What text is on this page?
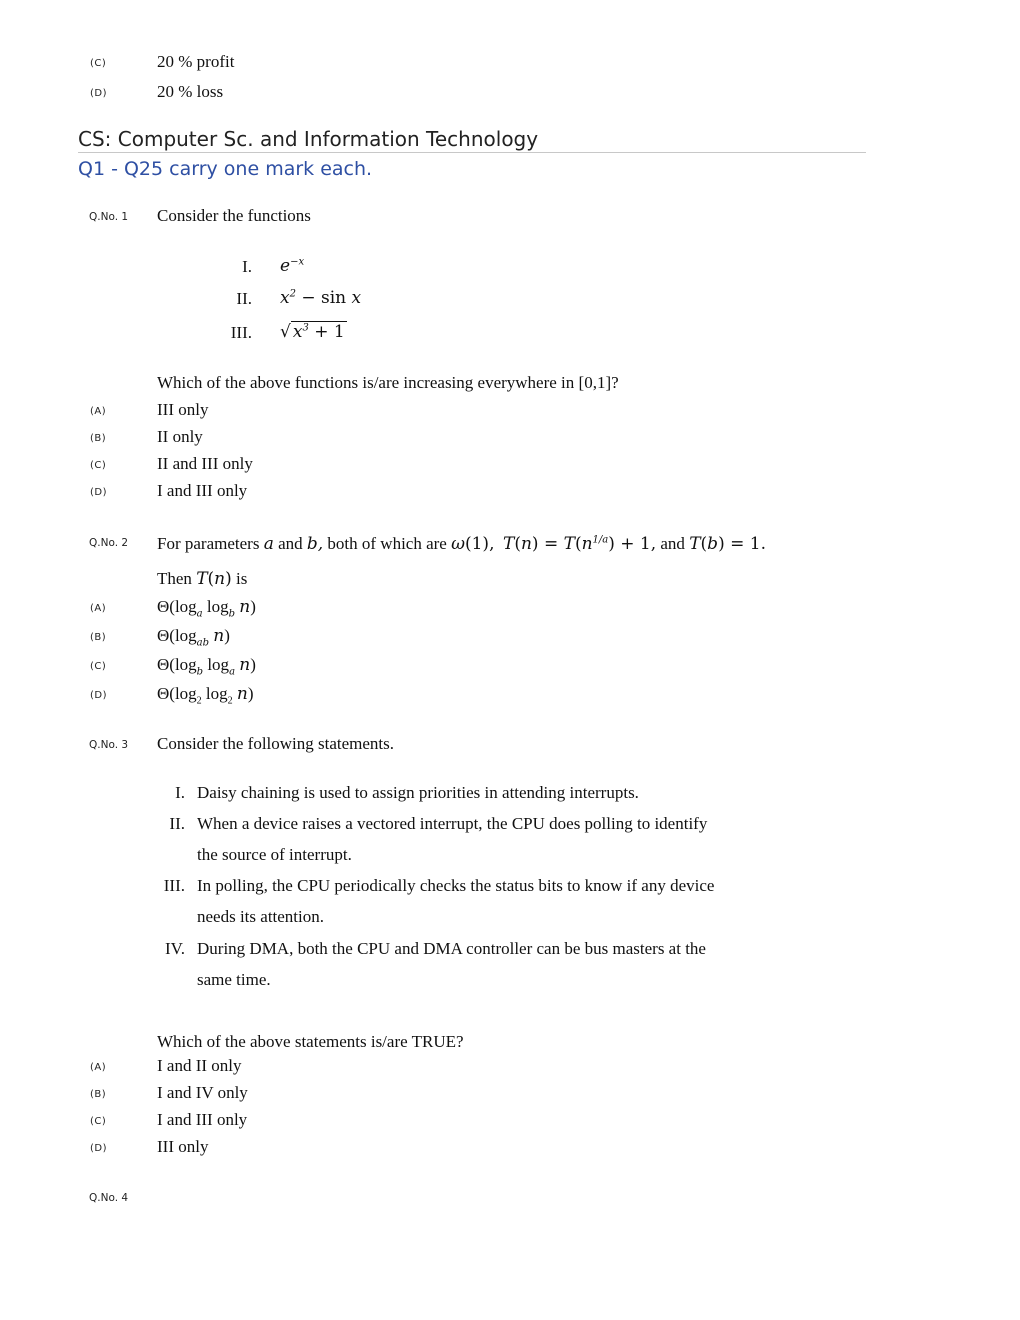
(C)	20 % profit
(D)	20 % loss
CS: Computer Sc. and Information Technology
Q1 - Q25 carry one mark each.
Q.No. 1 Consider the functions
I. $e^{-x}$
II. $x^2 - \sin x$
III. √ $x^3 + 1$
Which of the above functions is/are increasing everywhere in [0,1]?
(A)	III only
(B)	II only
(C)	II and III only
(D)	I and III only
Q.No. 2 For parameters a and b, both of which are ω(1), $T(n) = T(n^{1/a}) + 1$, and T(b) = 1.
Then T(n) is
(A)	$\Theta(\log_a$ $\log_b n$)
(B)	$\Theta(\log_{ab}$ n)
(C)	$\Theta(\log_b$ $\log_a n$)
(D)	$\Theta(\log_2$ $\log_2 n$)
Q.No. 3 Consider the following statements.
I. Daisy chaining is used to assign priorities in attending interrupts.
II. When a device raises a vectored interrupt, the CPU does polling to identify
the source of interrupt.
III. In polling, the CPU periodically checks the status bits to know if any device
needs its attention.
IV. During DMA, both the CPU and DMA controller can be bus masters at the
same time.
Which of the above statements is/are TRUE?
(A)	I and II only
(B)	I and IV only
(C)	I and III only
(D)	III only
Q.No. 4
